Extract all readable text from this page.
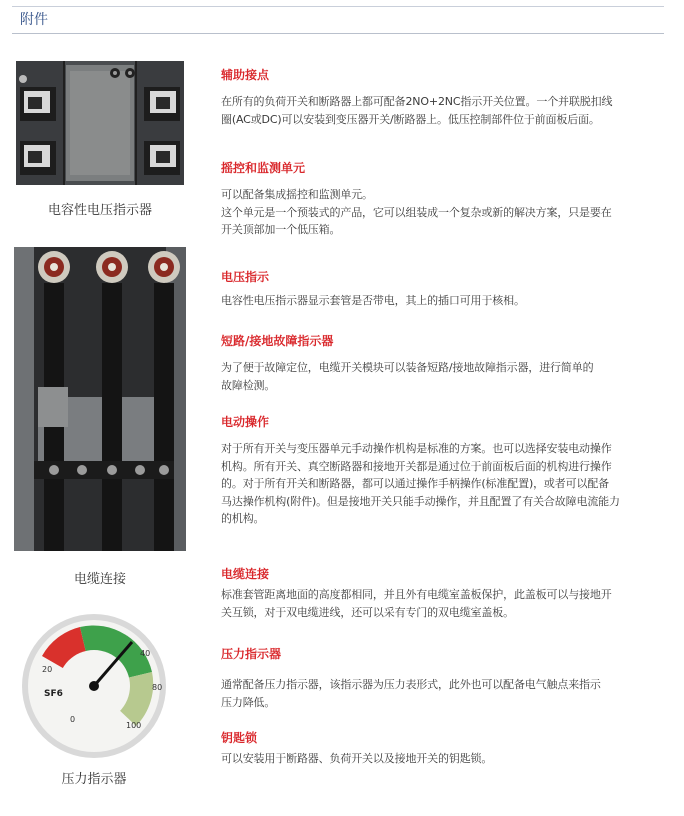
附件
电容性电压指示器
电缆连接
20
40
80
0
100
SF6
压力指示器

辅助接点

在所有的负荷开关和断路器上都可配备2NO+2NC指示开关位置。一个并联脱扣线
圈(AC或DC)可以安装到变压器开关/断路器上。低压控制部件位于前面板后面。

摇控和监测单元

可以配备集成摇控和监测单元。
这个单元是一个预装式的产品，它可以组装成一个复杂或新的解决方案，只是要在
开关顶部加一个低压箱。

电压指示

电容性电压指示器显示套管是否带电，其上的插口可用于核相。

短路/接地故障指示器

为了便于故障定位，电缆开关模块可以装备短路/接地故障指示器，进行简单的
故障检测。

电动操作

对于所有开关与变压器单元手动操作机构是标准的方案。也可以选择安装电动操作
机构。所有开关、真空断路器和接地开关都是通过位于前面板后面的机构进行操作
的。对于所有开关和断路器，都可以通过操作手柄操作(标准配置)，或者可以配备
马达操作机构(附件)。但是接地开关只能手动操作，并且配置了有关合故障电流能力
的机构。

电缆连接

标准套管距离地面的高度都相同，并且外有电缆室盖板保护，此盖板可以与接地开
关互锁，对于双电缆进线，还可以采有专门的双电缆室盖板。

压力指示器

通常配备压力指示器，该指示器为压力表形式，此外也可以配备电气触点来指示
压力降低。

钥匙锁

可以安装用于断路器、负荷开关以及接地开关的钥匙锁。
